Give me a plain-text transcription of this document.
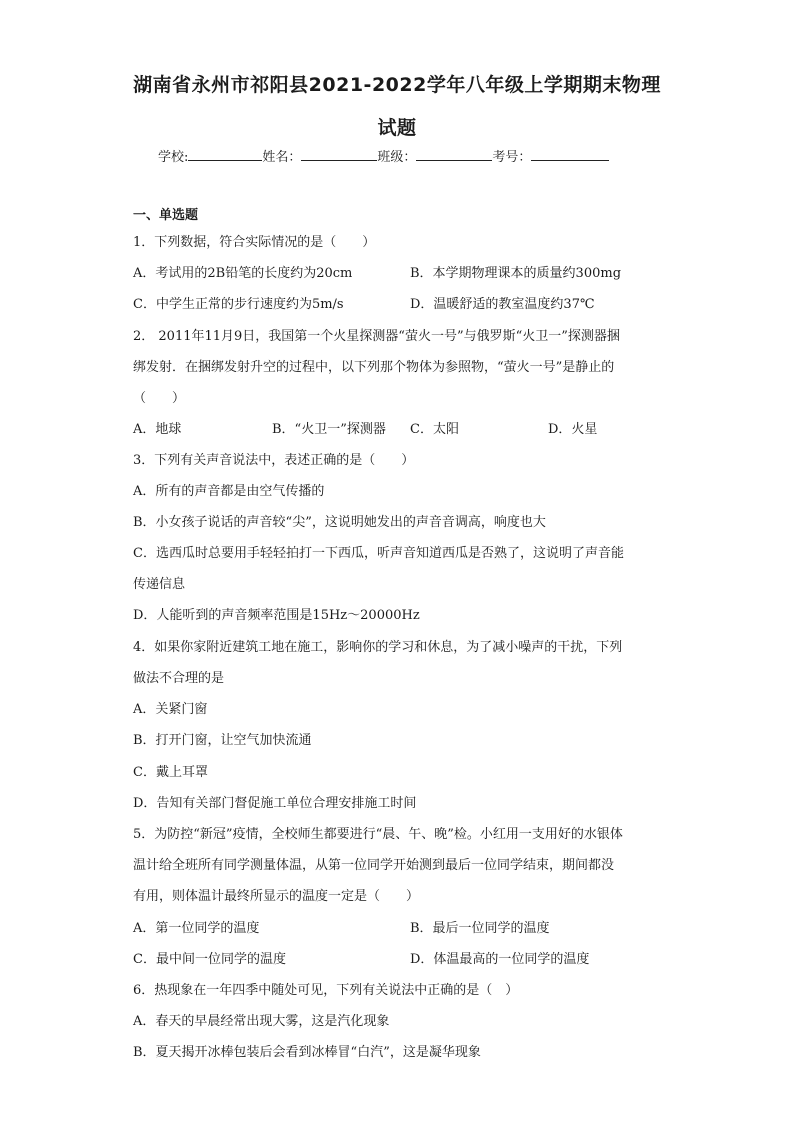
湖南省永州市祁阳县2021-2022学年八年级上学期期末物理
试题
学校:	姓名：	班级：	考号：
一、单选题
1．下列数据，符合实际情况的是（　　）
A．考试用的2B铅笔的长度约为20cm	B．本学期物理课本的质量约300mg
C．中学生正常的步行速度约为5m/s	D．温暖舒适的教室温度约37℃
2． 2011年11月9日，我国第一个火星探测器“萤火一号”与俄罗斯“火卫一”探测器捆
绑发射．在捆绑发射升空的过程中，以下列那个物体为参照物，“萤火一号”是静止的
（　　）
A．地球	B．“火卫一”探测器 C．太阳	D．火星
3．下列有关声音说法中，表述正确的是（　　）
A．所有的声音都是由空气传播的
B．小女孩子说话的声音较“尖”，这说明她发出的声音音调高，响度也大
C．选西瓜时总要用手轻轻拍打一下西瓜，听声音知道西瓜是否熟了，这说明了声音能
传递信息
D．人能听到的声音频率范围是15Hz～20000Hz
4．如果你家附近建筑工地在施工，影响你的学习和休息，为了减小噪声的干扰，下列
做法不合理的是
A．关紧门窗
B．打开门窗，让空气加快流通
C．戴上耳罩
D．告知有关部门督促施工单位合理安排施工时间
5．为防控“新冠”疫情，全校师生都要进行“晨、午、晚”检。小红用一支用好的水银体
温计给全班所有同学测量体温，从第一位同学开始测到最后一位同学结束，期间都没
有用，则体温计最终所显示的温度一定是（　　）
A．第一位同学的温度	B．最后一位同学的温度
C．最中间一位同学的温度	D．体温最高的一位同学的温度
6．热现象在一年四季中随处可见，下列有关说法中正确的是（　）
A．春天的早晨经常出现大雾，这是汽化现象
B．夏天揭开冰棒包装后会看到冰棒冒“白汽”，这是凝华现象
